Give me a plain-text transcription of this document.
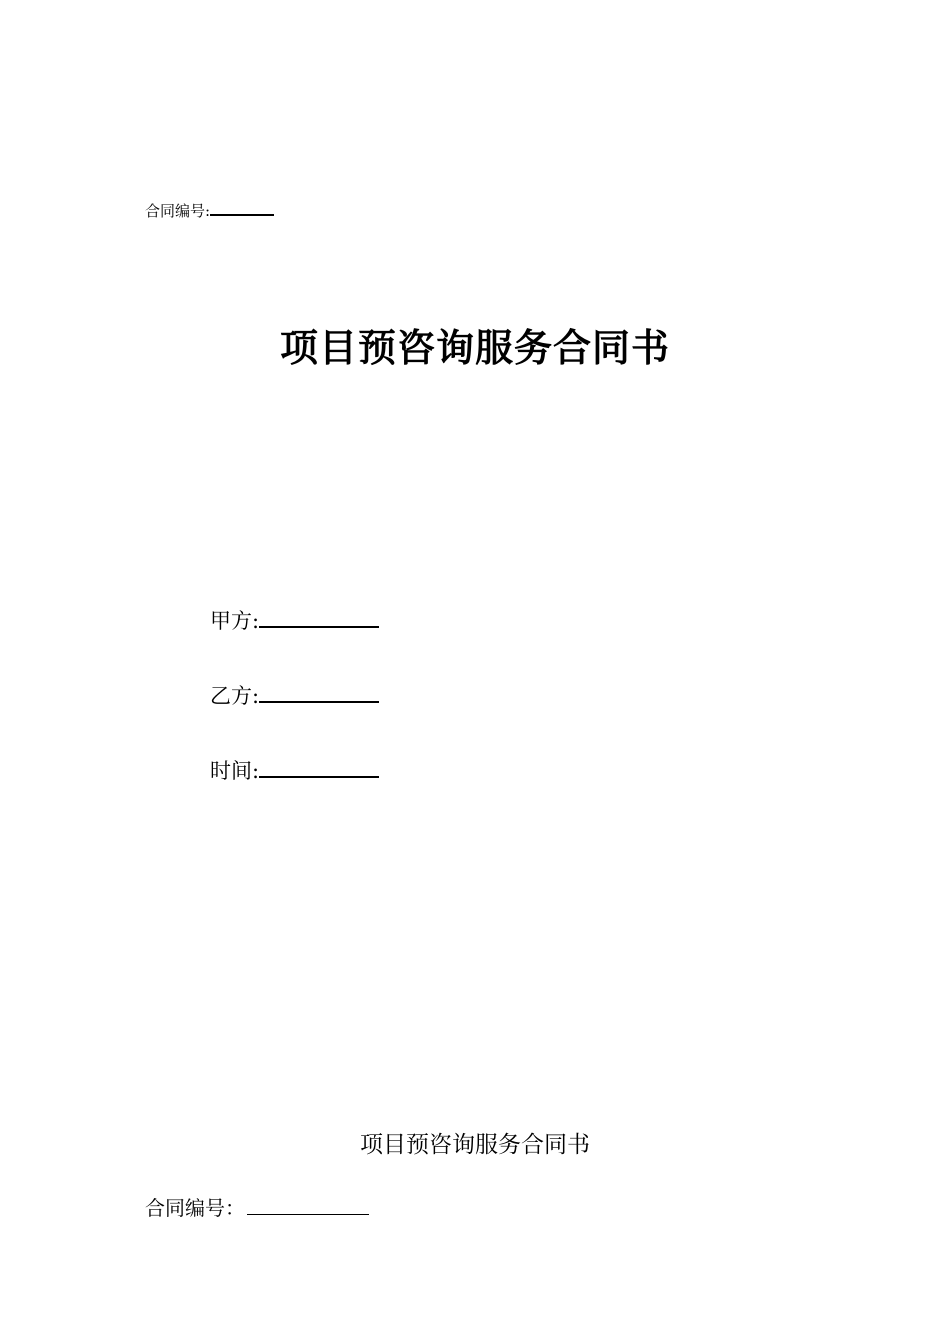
合同编号:
项目预咨询服务合同书
甲方:
乙方:
时间:
项目预咨询服务合同书
合同编号：
